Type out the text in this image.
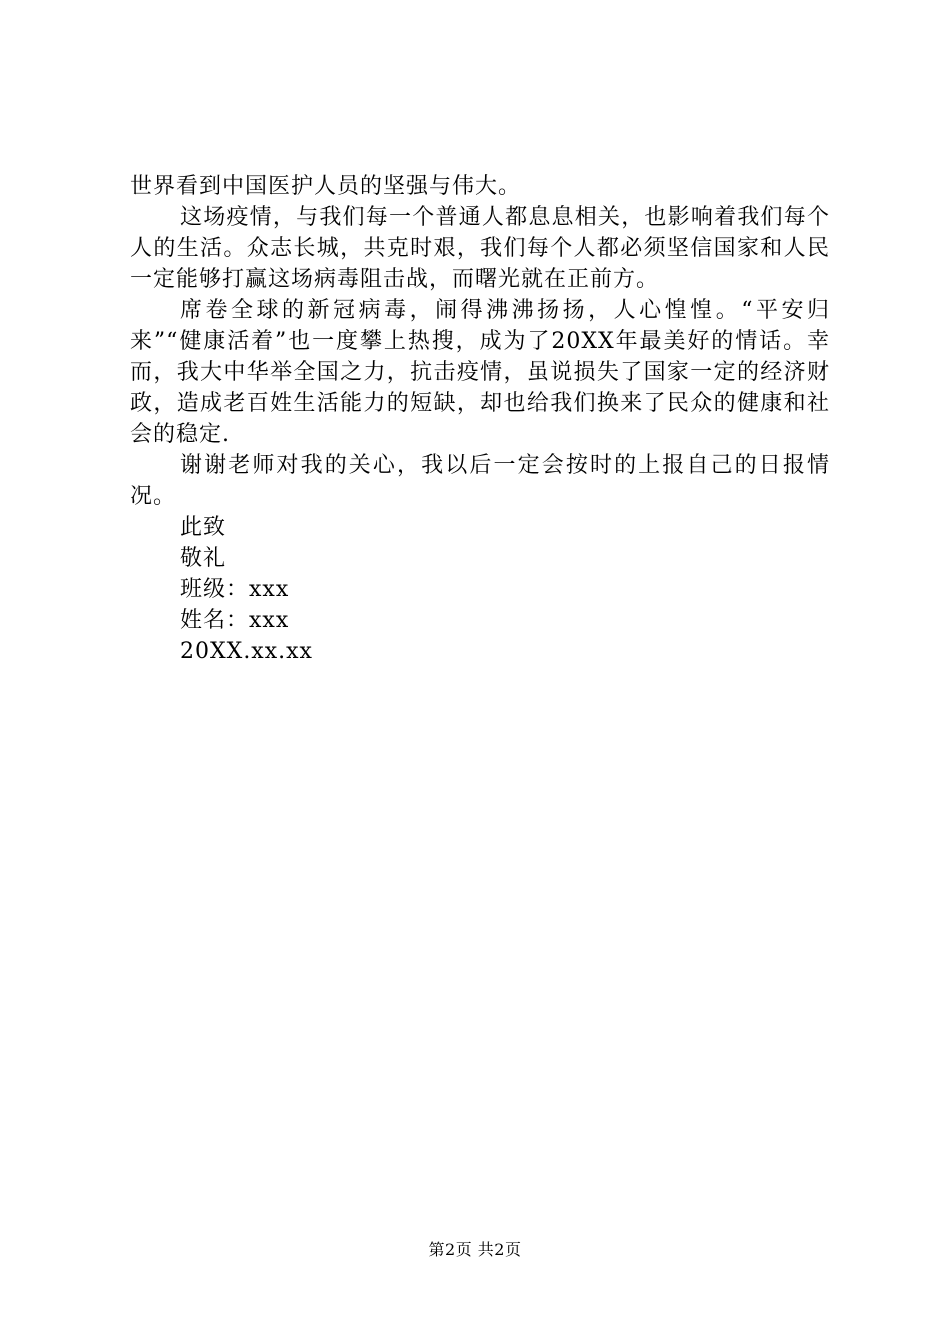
世界看到中国医护人员的坚强与伟大。

这场疫情，与我们每一个普通人都息息相关，也影响着我们每个人的生活。众志长城，共克时艰，我们每个人都必须坚信国家和人民一定能够打赢这场病毒阻击战，而曙光就在正前方。

席卷全球的新冠病毒，闹得沸沸扬扬，人心惶惶。“平安归来”“健康活着”也一度攀上热搜，成为了20XX年最美好的情话。幸而，我大中华举全国之力，抗击疫情，虽说损失了国家一定的经济财政，造成老百姓生活能力的短缺，却也给我们换来了民众的健康和社会的稳定.

谢谢老师对我的关心，我以后一定会按时的上报自己的日报情况。

此致

敬礼

班级：xxx

姓名：xxx

20XX.xx.xx

第2页 共2页
